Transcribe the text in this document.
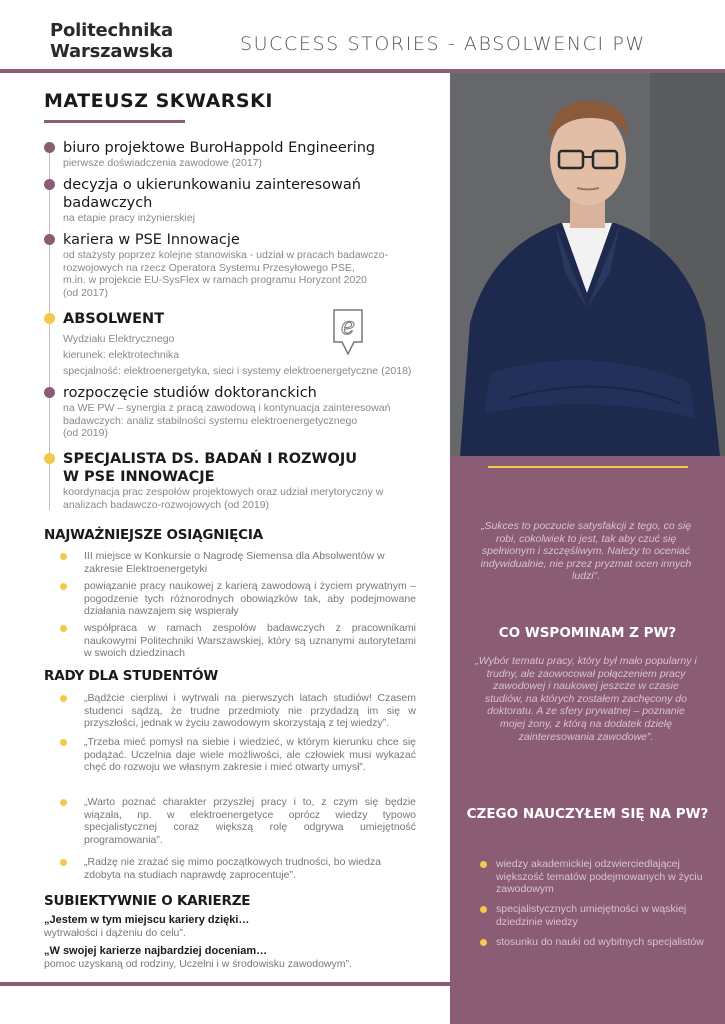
Politechnika
Warszawska	SUCCESS STORIES - ABSOLWENCI PW
MATEUSZ SKWARSKI
biuro projektowe BuroHappold Engineering
pierwsze doświadczenia zawodowe (2017)
decyzja o ukierunkowaniu zainteresowań badawczych
na etapie pracy inżynierskiej
kariera w PSE Innowacje
od stażysty poprzez kolejne stanowiska - udział w pracach badawczo-rozwojowych na rzecz Operatora Systemu Przesyłowego PSE,
m.in. w projekcie EU-SysFlex w ramach programu Horyzont 2020
(od 2017)
ABSOLWENT
Wydziału Elektrycznego
kierunek: elektrotechnika
specjalność: elektroenergetyka, sieci i systemy elektroenergetyczne (2018)
e
rozpoczęcie studiów doktoranckich
na WE PW – synergia z pracą zawodową i kontynuacja zainteresowań badawczych: analiz stabilności systemu elektroenergetycznego
(od 2019)
SPECJALISTA DS. BADAŃ I ROZWOJU W PSE INNOWACJE
koordynacja prac zespołów projektowych oraz udział merytoryczny w analizach badawczo-rozwojowych (od 2019)
NAJWAŻNIEJSZE OSIĄGNIĘCIA
III miejsce w Konkursie o Nagrodę Siemensa dla Absolwentów w zakresie Elektroenergetyki
powiązanie pracy naukowej z karierą zawodową i życiem prywatnym – pogodzenie tych różnorodnych obowiązków tak, aby podejmowane działania nawzajem się wspierały
współpraca w ramach zespołów badawczych z pracownikami naukowymi Politechniki Warszawskiej, który są uznanymi autorytetami w swoich dziedzinach
RADY DLA STUDENTÓW
„Bądźcie cierpliwi i wytrwali na pierwszych latach studiów! Czasem studenci sądzą, że trudne przedmioty nie przydadzą im się w przyszłości, jednak w życiu zawodowym skorzystają z tej wiedzy”.
„Trzeba mieć pomysł na siebie i wiedzieć, w którym kierunku chce się podążać. Uczelnia daje wiele możliwości, ale człowiek musi wykazać chęć do rozwoju we własnym zakresie i mieć otwarty umysł”.
„Warto poznać charakter przyszłej pracy i to, z czym się będzie wiązała, np. w elektroenergetyce oprócz wiedzy typowo specjalistycznej coraz większą rolę odgrywa umiejętność programowania”.
„Radzę nie zrażać się mimo początkowych trudności, bo wiedza zdobyta na studiach naprawdę zaprocentuje”.
SUBIEKTYWNIE O KARIERZE
„Jestem w tym miejscu kariery dzięki…
wytrwałości i dążeniu do celu”.
„W swojej karierze najbardziej doceniam…
pomoc uzyskaną od rodziny, Uczelni i w środowisku zawodowym”.
„Sukces to poczucie satysfakcji z tego, co się robi, cokolwiek to jest, tak aby czuć się spełnionym i szczęśliwym. Należy to oceniać indywidualnie, nie przez pryzmat ocen innych ludzi”.
CO WSPOMINAM Z PW?
„Wybór tematu pracy, który był mało popularny i trudny, ale zaowocował połączeniem pracy zawodowej i naukowej jeszcze w czasie studiów, na których zostałem zachęcony do doktoratu. A ze sfery prywatnej – poznanie mojej żony, z którą na dodatek dzielę zainteresowania zawodowe”.
CZEGO NAUCZYŁEM SIĘ NA PW?
wiedzy akademickiej odzwierciedlającej większość tematów podejmowanych w życiu zawodowym
specjalistycznych umiejętności w wąskiej dziedzinie wiedzy
stosunku do nauki od wybitnych specjalistów
